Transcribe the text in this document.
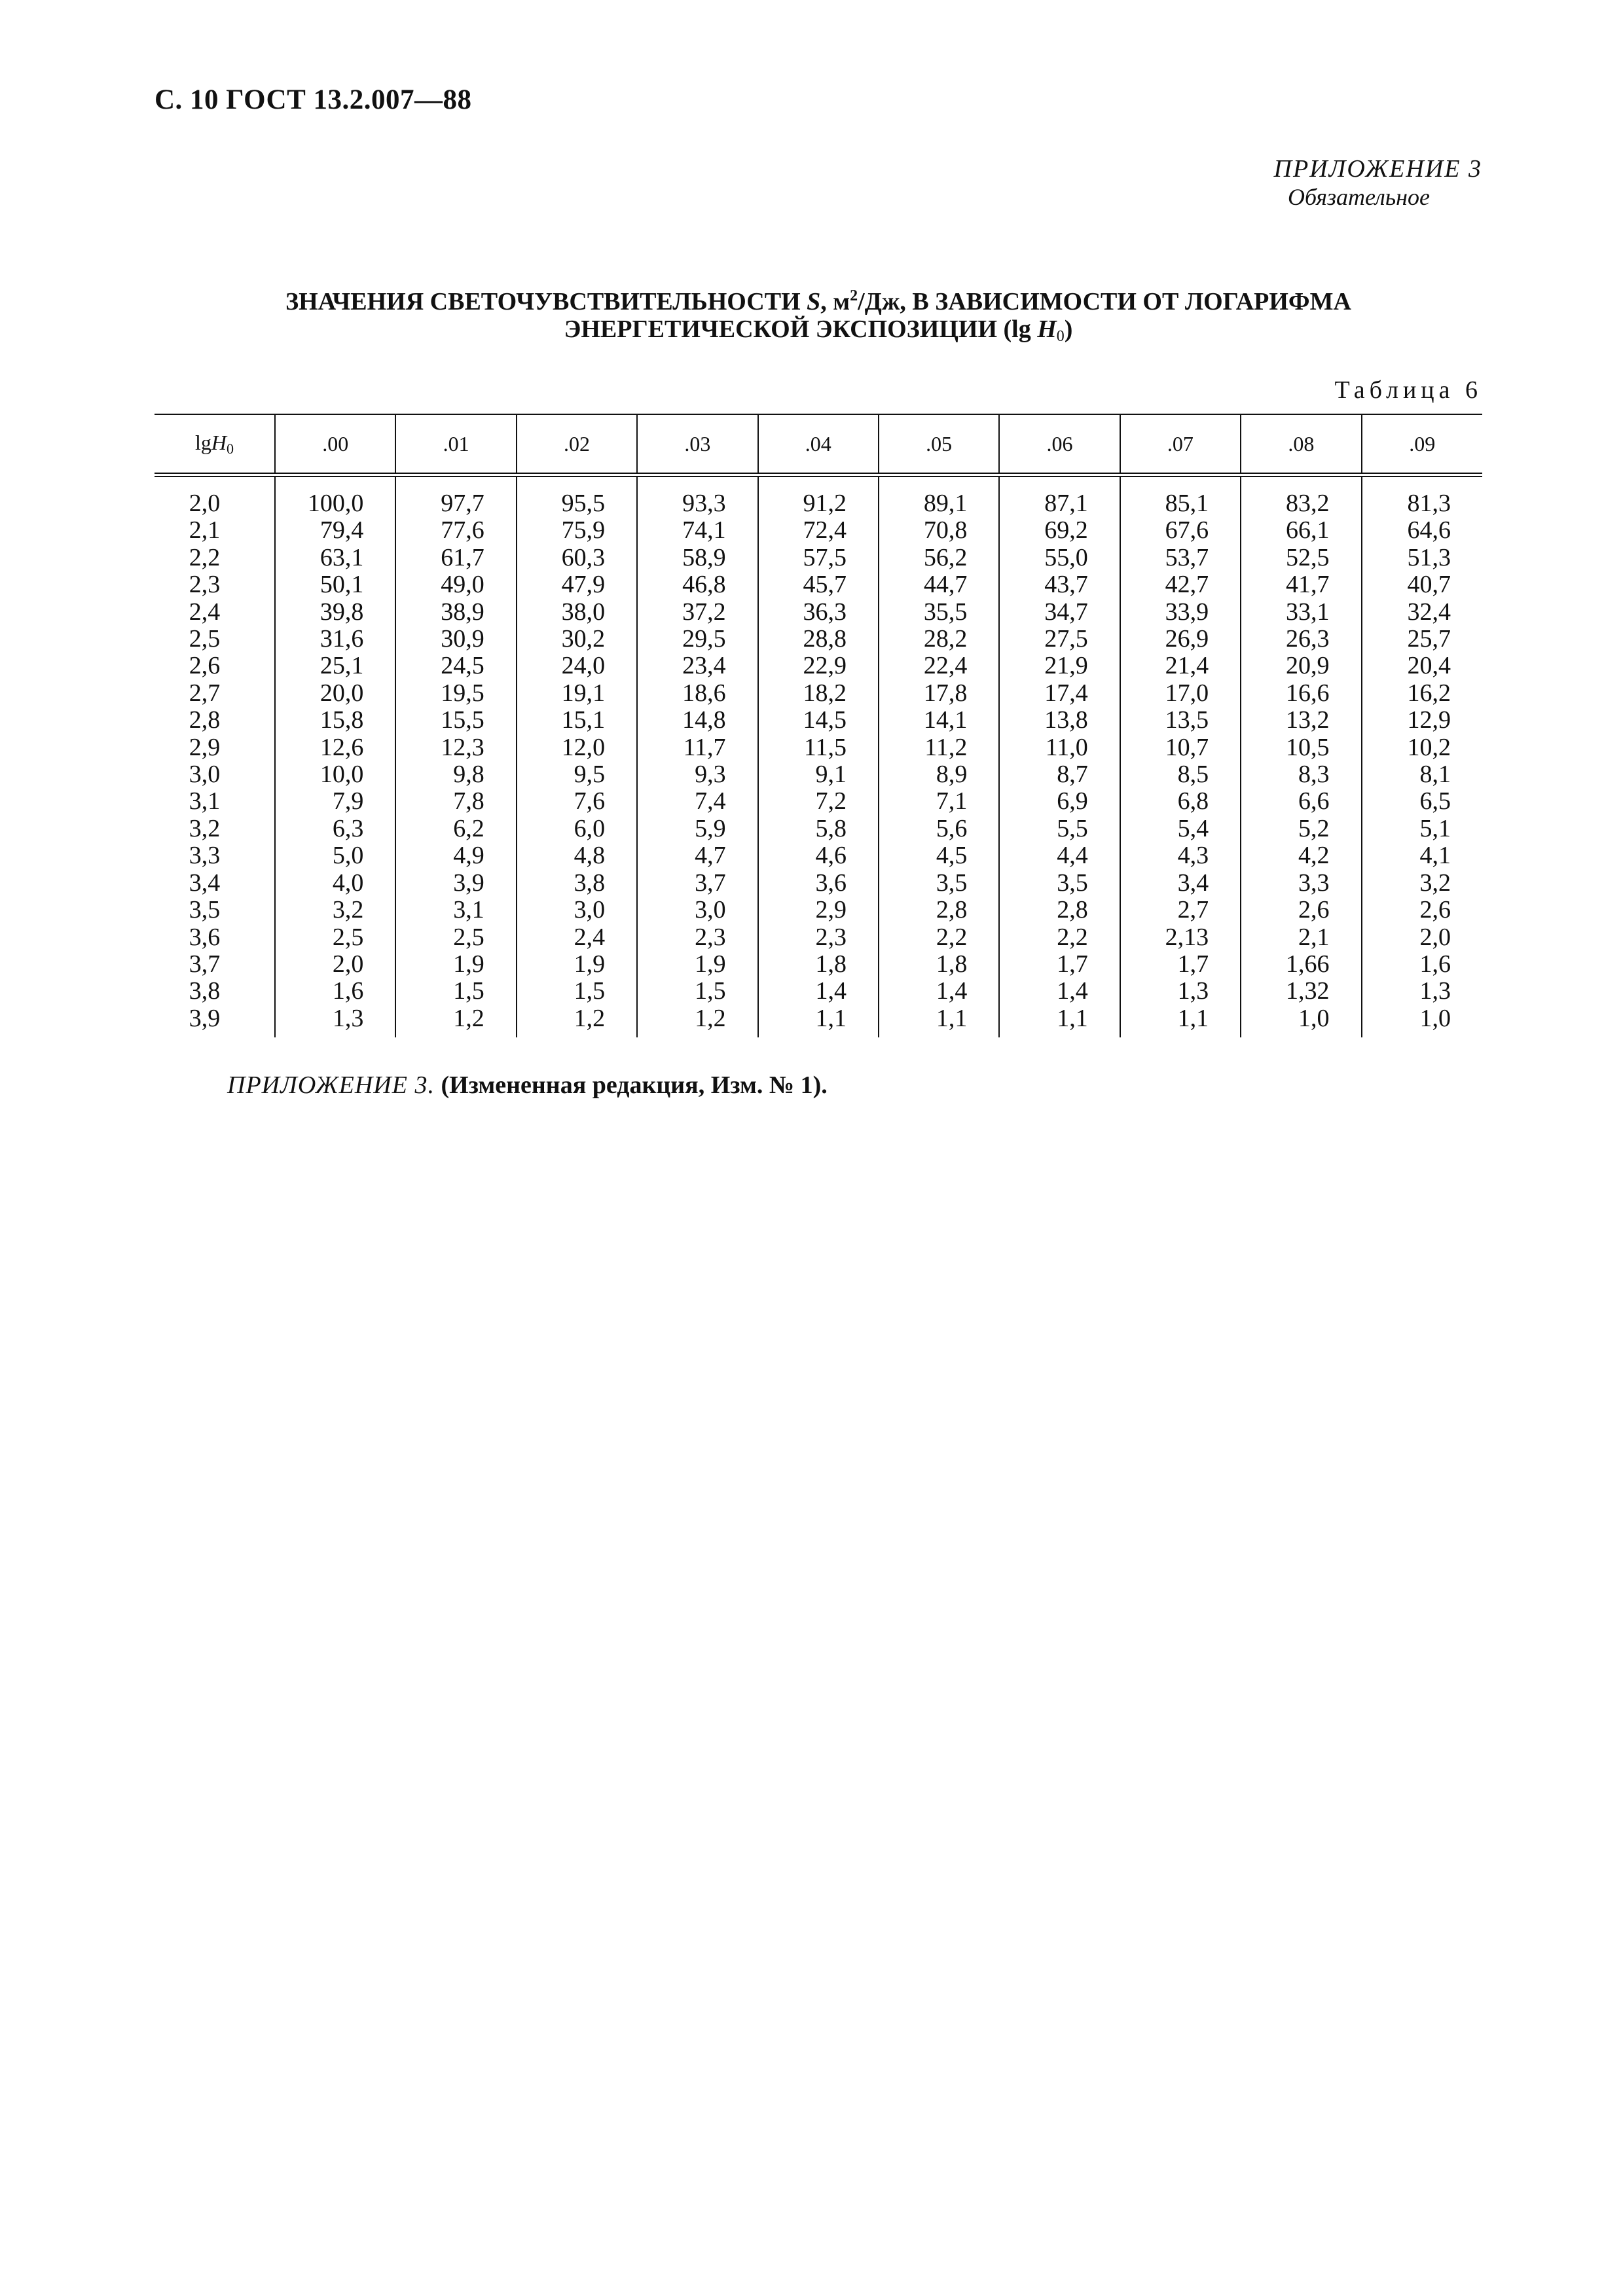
С. 10 ГОСТ 13.2.007—88
ПРИЛОЖЕНИЕ 3
Обязательное
ЗНАЧЕНИЯ СВЕТОЧУВСТВИТЕЛЬНОСТИ S, $м^2/Дж$, В ЗАВИСИМОСТИ ОТ ЛОГАРИФМА
ЭНЕРГЕТИЧЕСКОЙ ЭКСПОЗИЦИИ (lg $H_0$)
Таблица 6
lgH$_0$	.00	.01	.02	.03	.04	.05	.06	.07	.08	.09
2,0	100,0	97,7	95,5	93,3	91,2	89,1	87,1	85,1	83,2	81,3
2,1	79,4	77,6	75,9	74,1	72,4	70,8	69,2	67,6	66,1	64,6
2,2	63,1	61,7	60,3	58,9	57,5	56,2	55,0	53,7	52,5	51,3
2,3	50,1	49,0	47,9	46,8	45,7	44,7	43,7	42,7	41,7	40,7
2,4	39,8	38,9	38,0	37,2	36,3	35,5	34,7	33,9	33,1	32,4
2,5	31,6	30,9	30,2	29,5	28,8	28,2	27,5	26,9	26,3	25,7
2,6	25,1	24,5	24,0	23,4	22,9	22,4	21,9	21,4	20,9	20,4
2,7	20,0	19,5	19,1	18,6	18,2	17,8	17,4	17,0	16,6	16,2
2,8	15,8	15,5	15,1	14,8	14,5	14,1	13,8	13,5	13,2	12,9
2,9	12,6	12,3	12,0	11,7	11,5	11,2	11,0	10,7	10,5	10,2
3,0	10,0	9,8	9,5	9,3	9,1	8,9	8,7	8,5	8,3	8,1
3,1	7,9	7,8	7,6	7,4	7,2	7,1	6,9	6,8	6,6	6,5
3,2	6,3	6,2	6,0	5,9	5,8	5,6	5,5	5,4	5,2	5,1
3,3	5,0	4,9	4,8	4,7	4,6	4,5	4,4	4,3	4,2	4,1
3,4	4,0	3,9	3,8	3,7	3,6	3,5	3,5	3,4	3,3	3,2
3,5	3,2	3,1	3,0	3,0	2,9	2,8	2,8	2,7	2,6	2,6
3,6	2,5	2,5	2,4	2,3	2,3	2,2	2,2	2,13	2,1	2,0
3,7	2,0	1,9	1,9	1,9	1,8	1,8	1,7	1,7	1,66	1,6
3,8	1,6	1,5	1,5	1,5	1,4	1,4	1,4	1,3	1,32	1,3
3,9	1,3	1,2	1,2	1,2	1,1	1,1	1,1	1,1	1,0	1,0
ПРИЛОЖЕНИЕ 3. (Измененная редакция, Изм. № 1).
